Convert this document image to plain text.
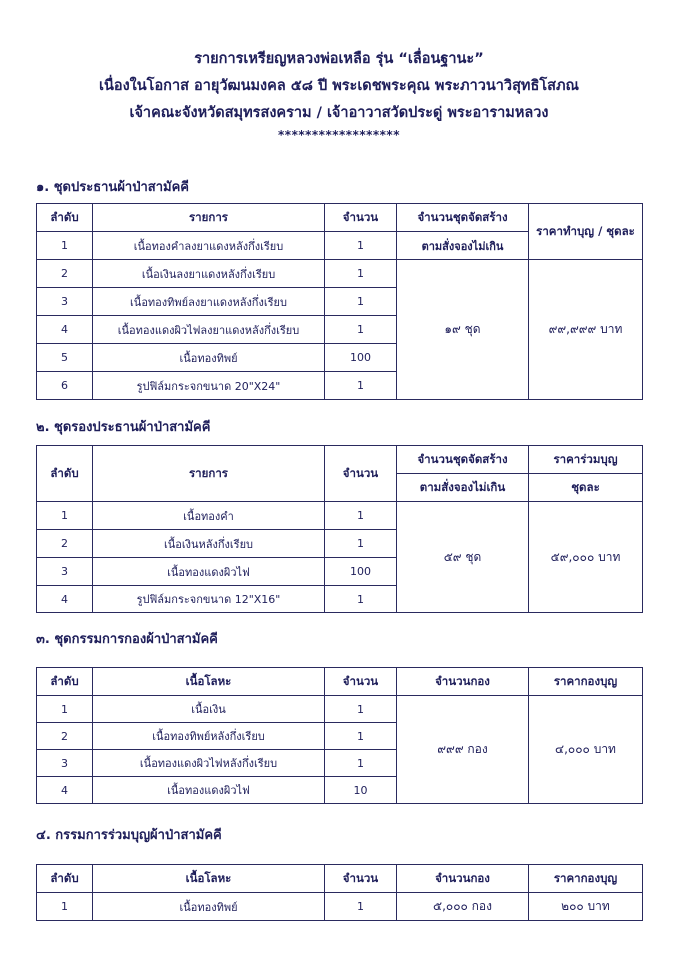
รายการเหรียญหลวงพ่อเหลือ รุ่น “เลื่อนฐานะ”
เนื่องในโอกาส อายุวัฒนมงคล ๕๘ ปี พระเดชพระคุณ พระภาวนาวิสุทธิโสภณ
เจ้าคณะจังหวัดสมุทรสงคราม / เจ้าอาวาสวัดประดู่ พระอารามหลวง
******************
๑. ชุดประธานผ้าป่าสามัคคี
ลำดับ	รายการ	จำนวน	จำนวนชุดจัดสร้าง	ราคาทำบุญ / ชุดละ
1	เนื้อทองคำลงยาแดงหลังกึ่งเรียบ	1	ตามสั่งจองไม่เกิน	
2	เนื้อเงินลงยาแดงหลังกึ่งเรียบ	1	๑๙ ชุด	๙๙,๙๙๙ บาท
3	เนื้อทองทิพย์ลงยาแดงหลังกึ่งเรียบ	1		
4	เนื้อทองแดงผิวไฟลงยาแดงหลังกึ่งเรียบ	1		
5	เนื้อทองทิพย์	100		
6	รูปฟิล์มกระจกขนาด 20"X24"	1		
๒. ชุดรองประธานผ้าป่าสามัคคี
ลำดับ	รายการ	จำนวน	จำนวนชุดจัดสร้าง	ราคาร่วมบุญ
			ตามสั่งจองไม่เกิน	ชุดละ
1	เนื้อทองคำ	1	๕๙ ชุด	๕๙,๐๐๐ บาท
2	เนื้อเงินหลังกึ่งเรียบ	1		
3	เนื้อทองแดงผิวไฟ	100		
4	รูปฟิล์มกระจกขนาด 12"X16"	1		
๓. ชุดกรรมการกองผ้าป่าสามัคคี
ลำดับ	เนื้อโลหะ	จำนวน	จำนวนกอง	ราคากองบุญ
1	เนื้อเงิน	1	๙๙๙ กอง	๔,๐๐๐ บาท
2	เนื้อทองทิพย์หลังกึ่งเรียบ	1		
3	เนื้อทองแดงผิวไฟหลังกึ่งเรียบ	1		
4	เนื้อทองแดงผิวไฟ	10		
๔. กรรมการร่วมบุญผ้าป่าสามัคคี
ลำดับ	เนื้อโลหะ	จำนวน	จำนวนกอง	ราคากองบุญ
1	เนื้อทองทิพย์	1	๕,๐๐๐ กอง	๒๐๐ บาท
